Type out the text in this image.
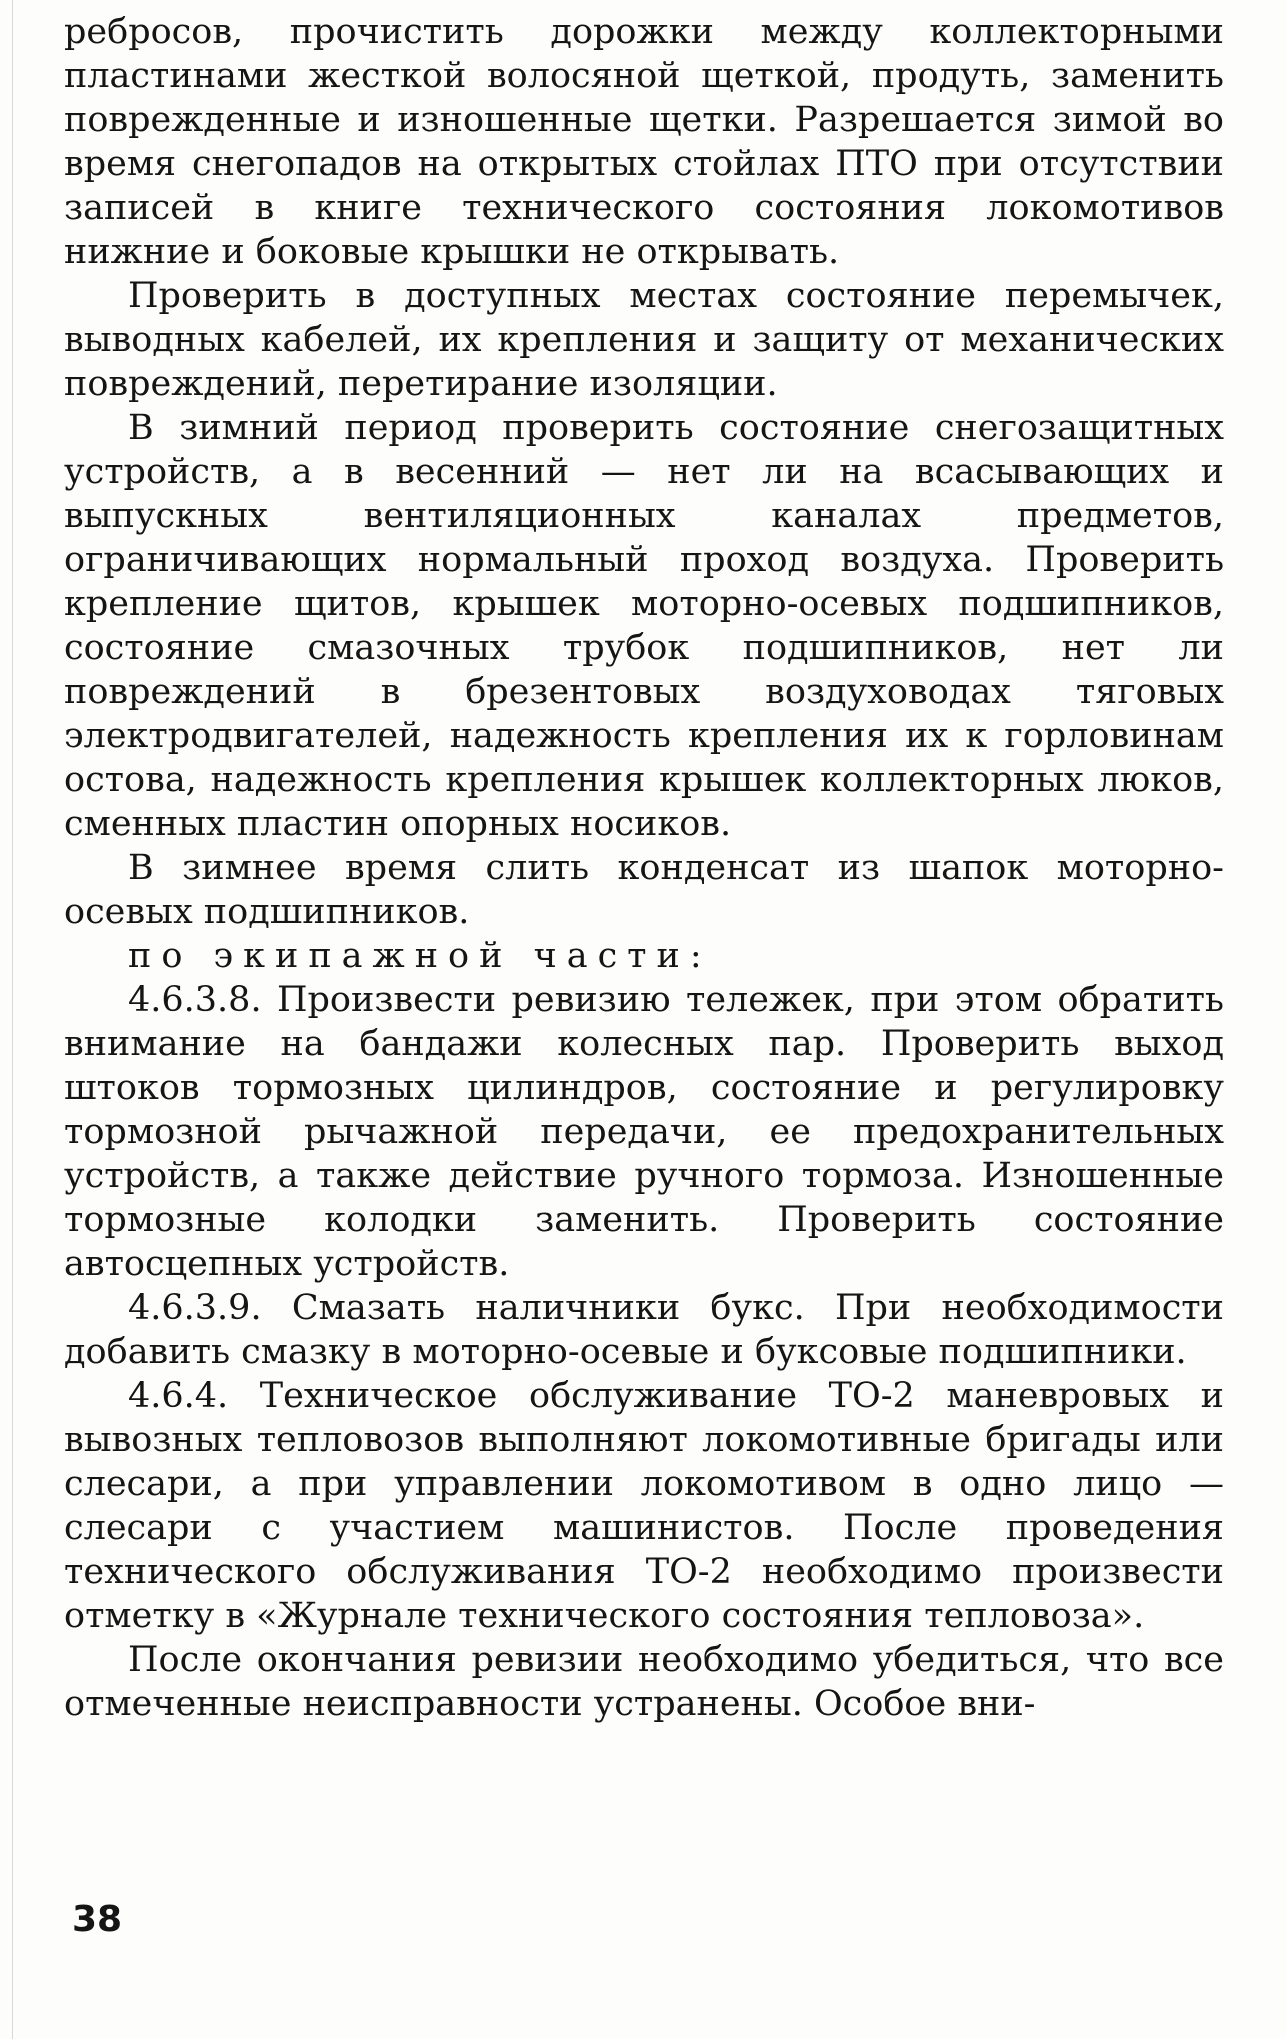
ребросов, прочистить дорожки между коллекторными пластинами жесткой волосяной щеткой, продуть, заменить поврежденные и изношенные щетки. Разрешается зимой во время снегопадов на открытых стойлах ПТО при отсутствии записей в книге технического состояния локомотивов нижние и боковые крышки не открывать.

Проверить в доступных местах состояние перемычек, выводных кабелей, их крепления и защиту от механических повреждений, перетирание изоляции.

В зимний период проверить состояние снегозащитных устройств, а в весенний — нет ли на всасывающих и выпускных вентиляционных каналах предметов, ограничивающих нормальный проход воздуха. Проверить крепление щитов, крышек моторно-осевых подшипников, состояние смазочных трубок подшипников, нет ли повреждений в брезентовых воздуховодах тяговых электродвигателей, надежность крепления их к горловинам остова, надежность крепления крышек коллекторных люков, сменных пластин опорных носиков.

В зимнее время слить конденсат из шапок моторно-осевых подшипников.

по экипажной части:

4.6.3.8. Произвести ревизию тележек, при этом обратить внимание на бандажи колесных пар. Проверить выход штоков тормозных цилиндров, состояние и регулировку тормозной рычажной передачи, ее предохранительных устройств, а также действие ручного тормоза. Изношенные тормозные колодки заменить. Проверить состояние автосцепных устройств.

4.6.3.9. Смазать наличники букс. При необходимости добавить смазку в моторно-осевые и буксовые подшипники.

4.6.4. Техническое обслуживание ТО-2 маневровых и вывозных тепловозов выполняют локомотивные бригады или слесари, а при управлении локомотивом в одно лицо — слесари с участием машинистов. После проведения технического обслуживания ТО-2 необходимо произвести отметку в «Журнале технического состояния тепловоза».

После окончания ревизии необходимо убедиться, что все отмеченные неисправности устранены. Особое вни-

38
